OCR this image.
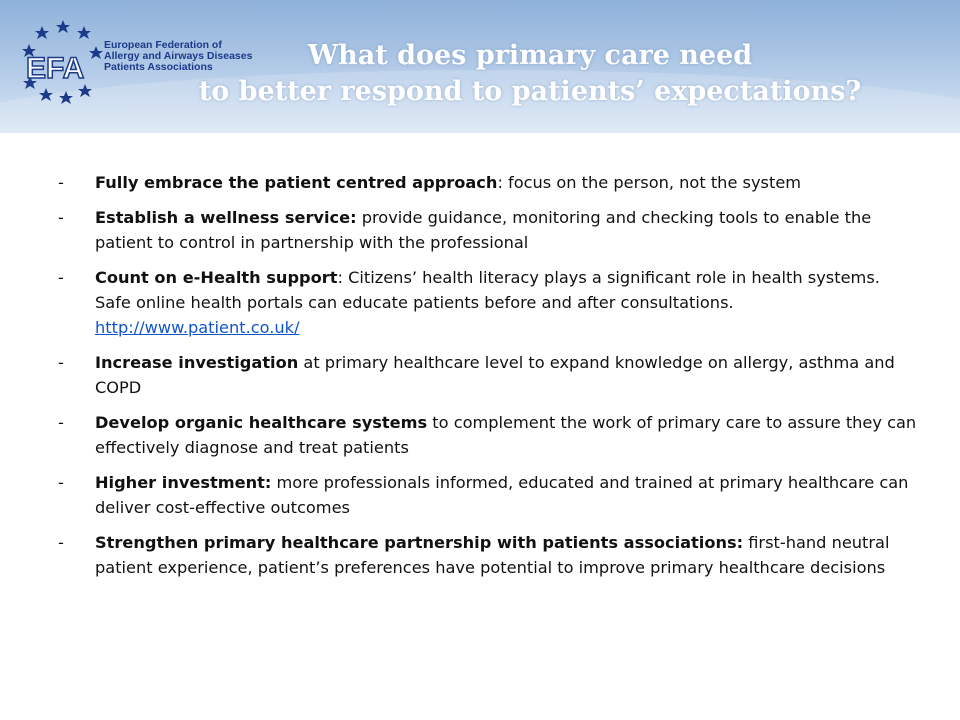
EFA
European Federation of
Allergy and Airways Diseases
Patients Associations	What does primary care need
to better respond to patients’ expectations?
-	Fully embrace the patient centred approach: focus on the person, not the system
-	Establish a wellness service: provide guidance, monitoring and checking tools to enable the patient to control in partnership with the professional
-	Count on e-Health support: Citizens’ health literacy plays a significant role in health systems. Safe online health portals can educate patients before and after consultations. http://www.patient.co.uk/
-	Increase investigation at primary healthcare level to expand knowledge on allergy, asthma and COPD
-	Develop organic healthcare systems to complement the work of primary care to assure they can effectively diagnose and treat patients
-	Higher investment: more professionals informed, educated and trained at primary healthcare can deliver cost-effective outcomes
-	Strengthen primary healthcare partnership with patients associations: first-hand neutral patient experience, patient’s preferences have potential to improve primary healthcare decisions
